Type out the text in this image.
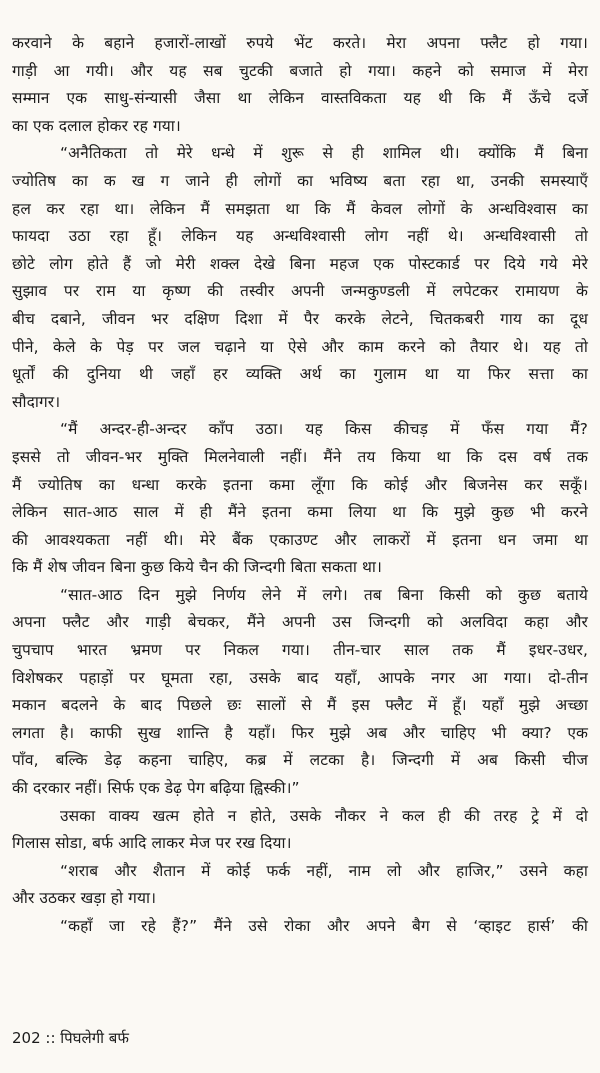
करवाने के बहाने हजारों-लाखों रुपये भेंट करते। मेरा अपना फ्लैट हो गया।

गाड़ी आ गयी। और यह सब चुटकी बजाते हो गया। कहने को समाज में मेरा

सम्मान एक साधु-संन्यासी जैसा था लेकिन वास्तविकता यह थी कि मैं ऊँचे दर्जे

का एक दलाल होकर रह गया।

“अनैतिकता तो मेरे धन्धे में शुरू से ही शामिल थी। क्योंकि मैं बिना

ज्योतिष का क ख ग जाने ही लोगों का भविष्य बता रहा था, उनकी समस्याएँ

हल कर रहा था। लेकिन मैं समझता था कि मैं केवल लोगों के अन्धविश्वास का

फायदा उठा रहा हूँ। लेकिन यह अन्धविश्वासी लोग नहीं थे। अन्धविश्वासी तो

छोटे लोग होते हैं जो मेरी शक्ल देखे बिना महज एक पोस्टकार्ड पर दिये गये मेरे

सुझाव पर राम या कृष्ण की तस्वीर अपनी जन्मकुण्डली में लपेटकर रामायण के

बीच दबाने, जीवन भर दक्षिण दिशा में पैर करके लेटने, चितकबरी गाय का दूध

पीने, केले के पेड़ पर जल चढ़ाने या ऐसे और काम करने को तैयार थे। यह तो

धूर्तों की दुनिया थी जहाँ हर व्यक्ति अर्थ का गुलाम था या फिर सत्ता का

सौदागर।

“मैं अन्दर-ही-अन्दर काँप उठा। यह किस कीचड़ में फँस गया मैं?

इससे तो जीवन-भर मुक्ति मिलनेवाली नहीं। मैंने तय किया था कि दस वर्ष तक

मैं ज्योतिष का धन्धा करके इतना कमा लूँगा कि कोई और बिजनेस कर सकूँ।

लेकिन सात-आठ साल में ही मैंने इतना कमा लिया था कि मुझे कुछ भी करने

की आवश्यकता नहीं थी। मेरे बैंक एकाउण्ट और लाकरों में इतना धन जमा था

कि मैं शेष जीवन बिना कुछ किये चैन की जिन्दगी बिता सकता था।

“सात-आठ दिन मुझे निर्णय लेने में लगे। तब बिना किसी को कुछ बताये

अपना फ्लैट और गाड़ी बेचकर, मैंने अपनी उस जिन्दगी को अलविदा कहा और

चुपचाप भारत भ्रमण पर निकल गया। तीन-चार साल तक मैं इधर-उधर,

विशेषकर पहाड़ों पर घूमता रहा, उसके बाद यहाँ, आपके नगर आ गया। दो-तीन

मकान बदलने के बाद पिछले छः सालों से मैं इस फ्लैट में हूँ। यहाँ मुझे अच्छा

लगता है। काफी सुख शान्ति है यहाँ। फिर मुझे अब और चाहिए भी क्या? एक

पाँव, बल्कि डेढ़ कहना चाहिए, कब्र में लटका है। जिन्दगी में अब किसी चीज

की दरकार नहीं। सिर्फ एक डेढ़ पेग बढ़िया ह्विस्की।”

उसका वाक्य खत्म होते न होते, उसके नौकर ने कल ही की तरह ट्रे में दो

गिलास सोडा, बर्फ आदि लाकर मेज पर रख दिया।

“शराब और शैतान में कोई फर्क नहीं, नाम लो और हाजिर,” उसने कहा

और उठकर खड़ा हो गया।

“कहाँ जा रहे हैं?” मैंने उसे रोका और अपने बैग से ‘व्हाइट हार्स’ की

202 :: पिघलेगी बर्फ
